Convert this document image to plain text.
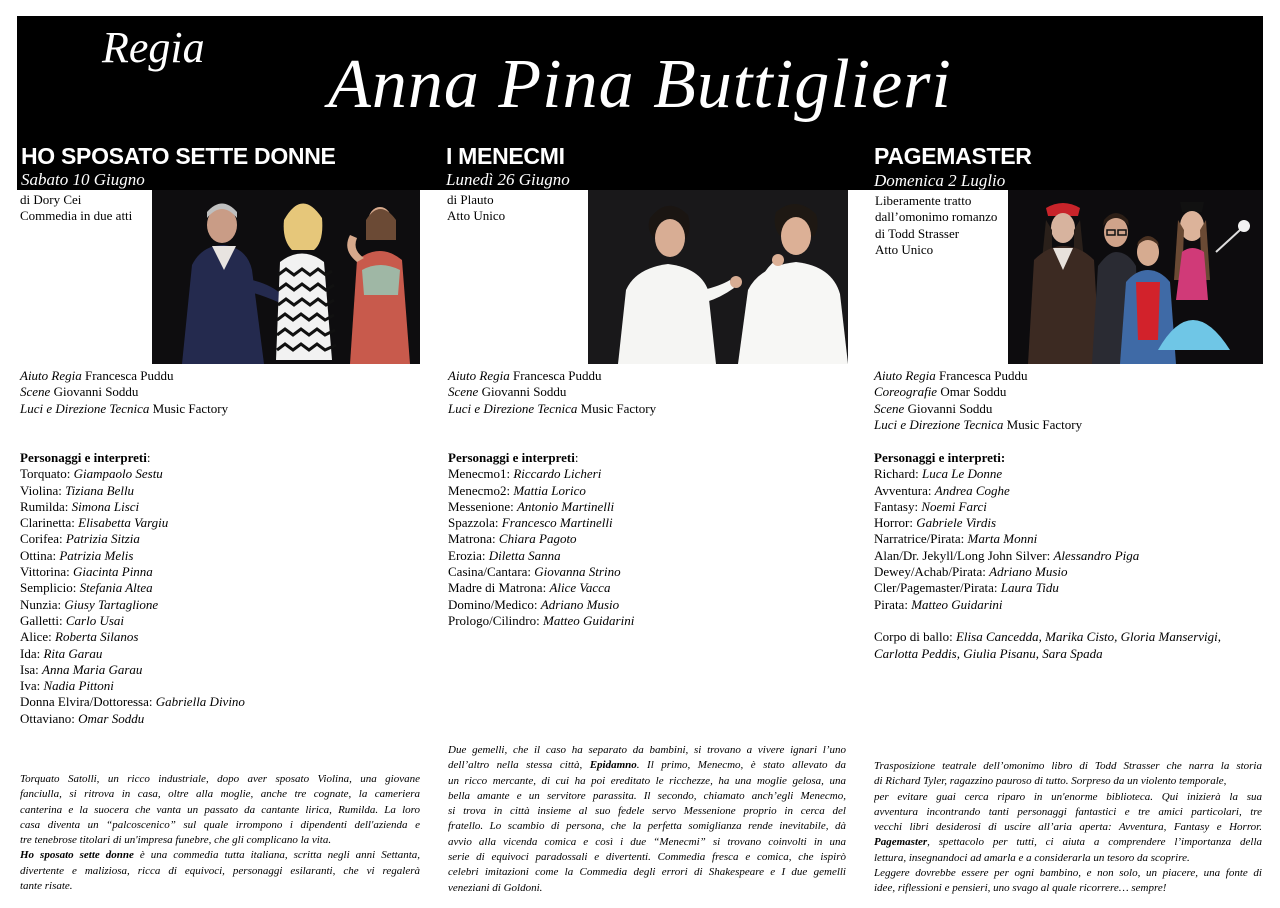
Regia	Anna Pina Buttiglieri
HO SPOSATO SETTE DONNE
Sabato 10 Giugno
di Dory Cei
Commedia in due atti
Aiuto Regia Francesca Puddu
Scene Giovanni Soddu
Luci e Direzione Tecnica Music Factory
Personaggi e interpreti:
Torquato: Giampaolo Sestu
Violina: Tiziana Bellu
Rumilda: Simona Lisci
Clarinetta: Elisabetta Vargiu
Corifea: Patrizia Sitzia
Ottina: Patrizia Melis
Vittorina: Giacinta Pinna
Semplicio: Stefania Altea
Nunzia: Giusy Tartaglione
Galletti: Carlo Usai
Alice: Roberta Silanos
Ida: Rita Garau
Isa: Anna Maria Garau
Iva: Nadia Pittoni
Donna Elvira/Dottoressa: Gabriella Divino
Ottaviano: Omar Soddu
Torquato Satolli, un ricco industriale, dopo aver sposato Violina, una giovane
fanciulla, si ritrova in casa, oltre alla moglie, anche tre cognate, la cameriera
canterina e la suocera che vanta un passato da cantante lirica, Rumilda. La loro
casa diventa un “palcoscenico” sul quale irrompono i dipendenti dell'azienda e
tre tenebrose titolari di un'impresa funebre, che gli complicano la vita.
Ho sposato sette donne è una commedia tutta italiana, scritta negli anni Settanta,
divertente e maliziosa, ricca di equivoci, personaggi esilaranti, che vi regalerà
tante risate.
I MENECMI
Lunedì 26 Giugno
di Plauto
Atto Unico
Aiuto Regia Francesca Puddu
Scene Giovanni Soddu
Luci e Direzione Tecnica Music Factory
Personaggi e interpreti:
Menecmo1: Riccardo Licheri
Menecmo2: Mattia Lorico
Messenione: Antonio Martinelli
Spazzola: Francesco Martinelli
Matrona: Chiara Pagoto
Erozia: Diletta Sanna
Casina/Cantara: Giovanna Strino
Madre di Matrona: Alice Vacca
Domino/Medico: Adriano Musio
Prologo/Cilindro: Matteo Guidarini
Due gemelli, che il caso ha separato da bambini, si trovano a vivere ignari l’uno
dell’altro nella stessa città, Epidamno. Il primo, Menecmo, è stato allevato da
un ricco mercante, di cui ha poi ereditato le ricchezze, ha una moglie gelosa, una
bella amante e un servitore parassita. Il secondo, chiamato anch’egli Menecmo,
si trova in città insieme al suo fedele servo Messenione proprio in cerca del
fratello. Lo scambio di persona, che la perfetta somiglianza rende inevitabile, dà
avvio alla vicenda comica e così i due “Menecmi” si trovano coinvolti in una
serie di equivoci paradossali e divertenti. Commedia fresca e comica, che ispirò
celebri imitazioni come la Commedia degli errori di Shakespeare e I due gemelli
veneziani di Goldoni.
PAGEMASTER
Domenica 2 Luglio
Liberamente tratto
dall’omonimo romanzo
di Todd Strasser
Atto Unico
Aiuto Regia Francesca Puddu
Coreografie Omar Soddu
Scene Giovanni Soddu
Luci e Direzione Tecnica Music Factory
Personaggi e interpreti:
Richard: Luca Le Donne
Avventura: Andrea Coghe
Fantasy: Noemi Farci
Horror: Gabriele Virdis
Narratrice/Pirata: Marta Monni
Alan/Dr. Jekyll/Long John Silver: Alessandro Piga
Dewey/Achab/Pirata: Adriano Musio
Cler/Pagemaster/Pirata: Laura Tidu
Pirata: Matteo Guidarini
Corpo di ballo: Elisa Cancedda, Marika Cisto, Gloria Manservigi,
Carlotta Peddis, Giulia Pisanu, Sara Spada
Trasposizione teatrale dell’omonimo libro di Todd Strasser che narra la storia
di Richard Tyler, ragazzino pauroso di tutto. Sorpreso da un violento temporale,
per evitare guai cerca riparo in un'enorme biblioteca. Qui inizierà la sua
avventura incontrando tanti personaggi fantastici e tre amici particolari, tre
vecchi libri desiderosi di uscire all’aria aperta: Avventura, Fantasy e Horror.
Pagemaster, spettacolo per tutti, ci aiuta a comprendere l’importanza della
lettura, insegnandoci ad amarla e a considerarla un tesoro da scoprire.
Leggere dovrebbe essere per ogni bambino, e non solo, un piacere, una fonte di
idee, riflessioni e pensieri, uno svago al quale ricorrere… sempre!
